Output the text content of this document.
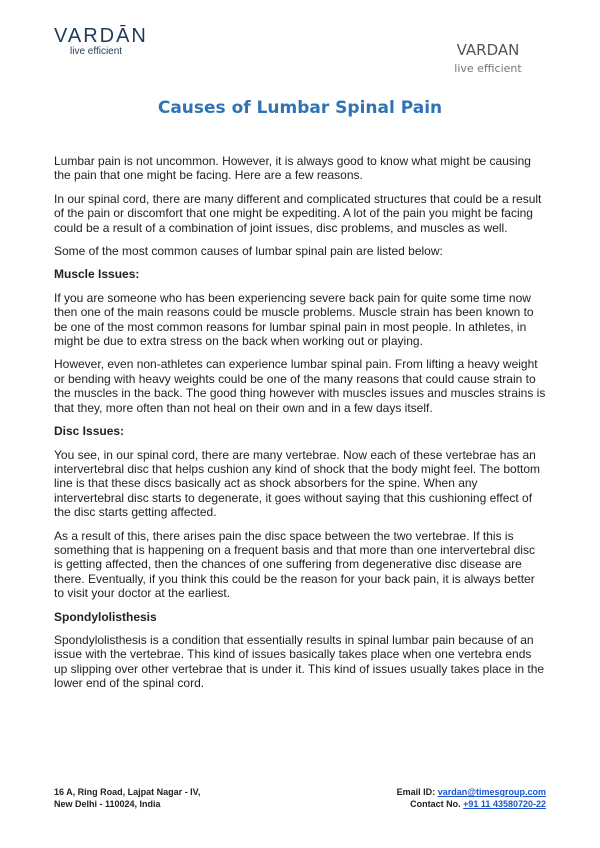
VARDĀN
live efficient	VARDAN
live efficient
Causes of Lumbar Spinal Pain

Lumbar pain is not uncommon. However, it is always good to know what might be causing the pain that one might be facing. Here are a few reasons.

In our spinal cord, there are many different and complicated structures that could be a result of the pain or discomfort that one might be expediting. A lot of the pain you might be facing could be a result of a combination of joint issues, disc problems, and muscles as well.

Some of the most common causes of lumbar spinal pain are listed below:

Muscle Issues:

If you are someone who has been experiencing severe back pain for quite some time now then one of the main reasons could be muscle problems. Muscle strain has been known to be one of the most common reasons for lumbar spinal pain in most people. In athletes, in might be due to extra stress on the back when working out or playing.

However, even non-athletes can experience lumbar spinal pain. From lifting a heavy weight or bending with heavy weights could be one of the many reasons that could cause strain to the muscles in the back. The good thing however with muscles issues and muscles strains is that they, more often than not heal on their own and in a few days itself.

Disc Issues:

You see, in our spinal cord, there are many vertebrae. Now each of these vertebrae has an intervertebral disc that helps cushion any kind of shock that the body might feel. The bottom line is that these discs basically act as shock absorbers for the spine. When any intervertebral disc starts to degenerate, it goes without saying that this cushioning effect of the disc starts getting affected.

As a result of this, there arises pain the disc space between the two vertebrae. If this is something that is happening on a frequent basis and that more than one intervertebral disc is getting affected, then the chances of one suffering from degenerative disc disease are there. Eventually, if you think this could be the reason for your back pain, it is always better to visit your doctor at the earliest.

Spondylolisthesis

Spondylolisthesis is a condition that essentially results in spinal lumbar pain because of an issue with the vertebrae. This kind of issues basically takes place when one vertebra ends up slipping over other vertebrae that is under it. This kind of issues usually takes place in the lower end of the spinal cord.

16 A, Ring Road, Lajpat Nagar - IV,
New Delhi - 110024, India
Email ID: vardan@timesgroup.com
Contact No. +91 11 43580720-22
